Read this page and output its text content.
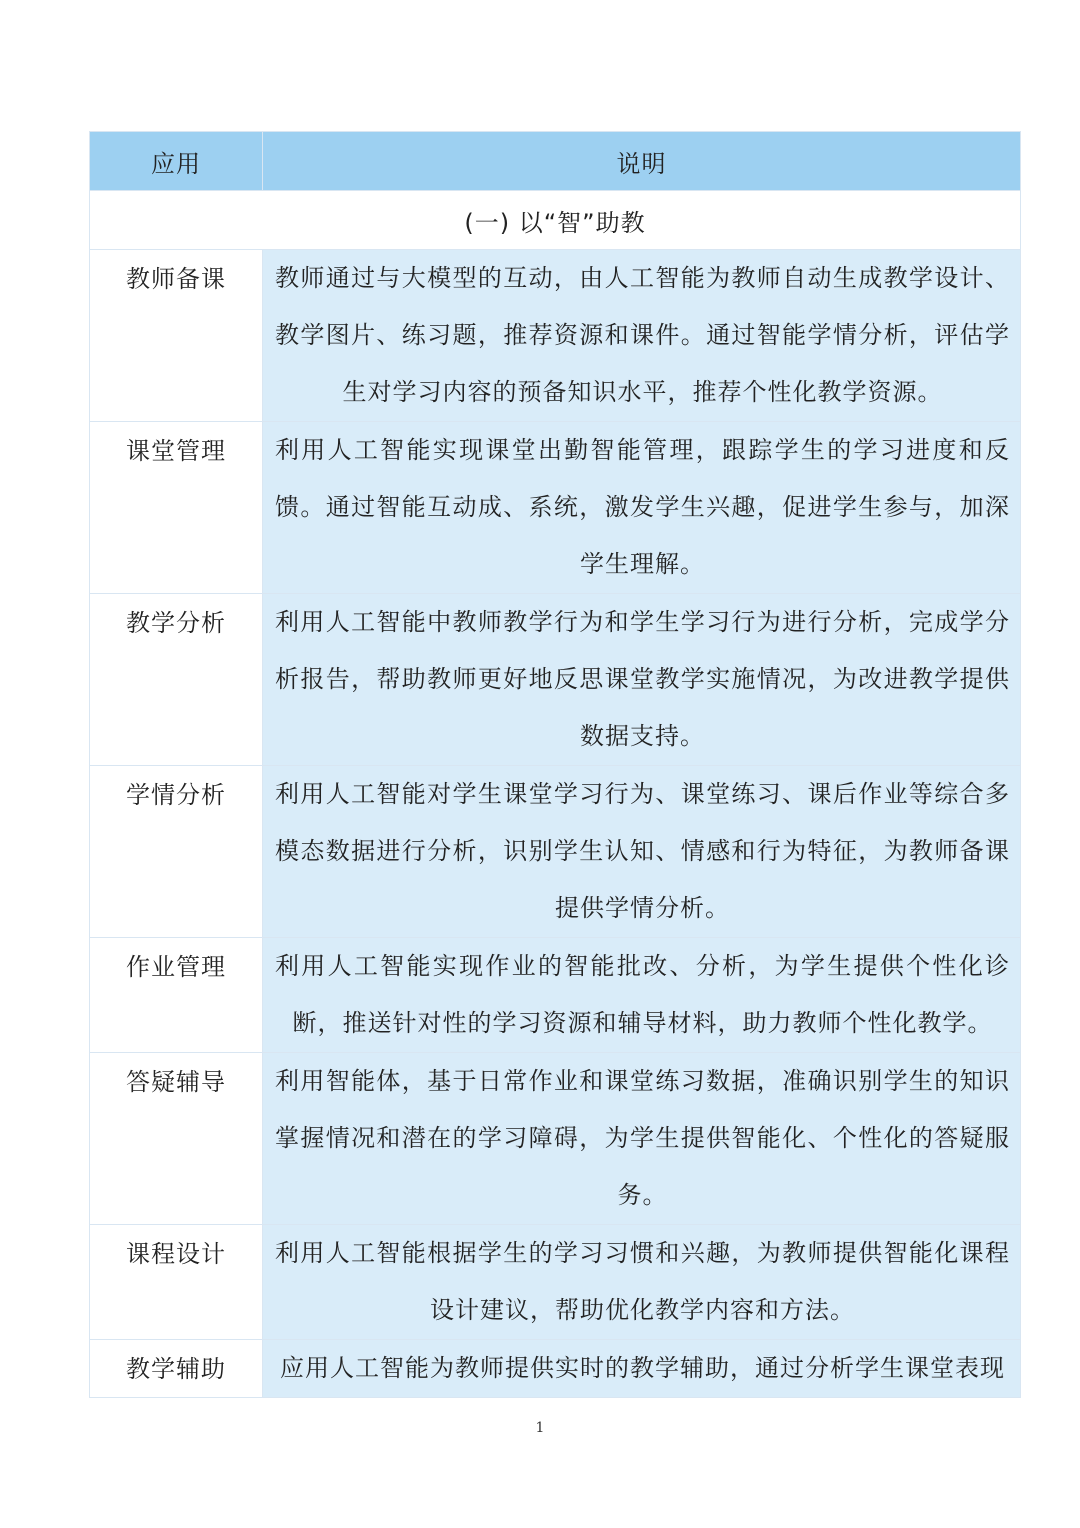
应用	说明
(一) 以“智”助教	
教师备课	教师通过与大模型的互动，由人工智能为教师自动生成教学设计、教学图片、练习题，推荐资源和课件。通过智能学情分析，评估学生对学习内容的预备知识水平，推荐个性化教学资源。
课堂管理	利用人工智能实现课堂出勤智能管理，跟踪学生的学习进度和反馈。通过智能互动成、系统，激发学生兴趣，促进学生参与，加深学生理解。
教学分析	利用人工智能中教师教学行为和学生学习行为进行分析，完成学分析报告，帮助教师更好地反思课堂教学实施情况，为改进教学提供数据支持。
学情分析	利用人工智能对学生课堂学习行为、课堂练习、课后作业等综合多模态数据进行分析，识别学生认知、情感和行为特征，为教师备课提供学情分析。
作业管理	利用人工智能实现作业的智能批改、分析，为学生提供个性化诊断，推送针对性的学习资源和辅导材料，助力教师个性化教学。
答疑辅导	利用智能体，基于日常作业和课堂练习数据，准确识别学生的知识掌握情况和潜在的学习障碍，为学生提供智能化、个性化的答疑服务。
课程设计	利用人工智能根据学生的学习习惯和兴趣，为教师提供智能化课程设计建议，帮助优化教学内容和方法。
教学辅助	应用人工智能为教师提供实时的教学辅助，通过分析学生课堂表现
1
